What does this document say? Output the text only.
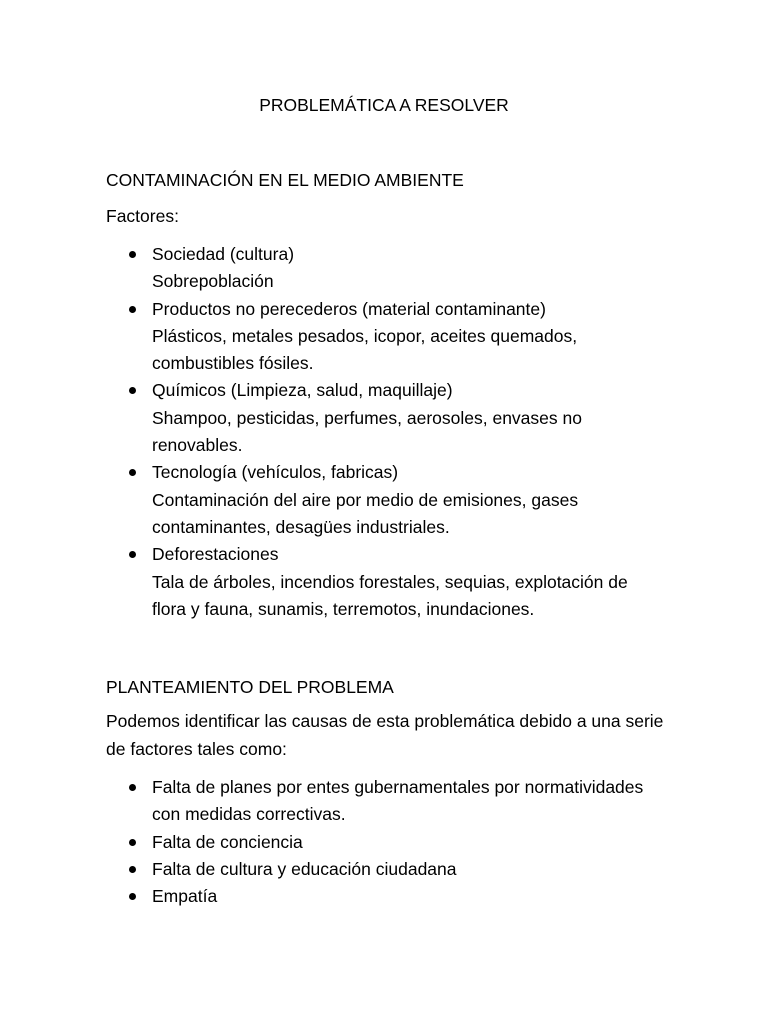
PROBLEMÁTICA A RESOLVER
CONTAMINACIÓN EN EL MEDIO AMBIENTE

Factores:

Sociedad (cultura)
Sobrepoblación
Productos no perecederos (material contaminante)
Plásticos, metales pesados, icopor, aceites quemados, combustibles fósiles.
Químicos (Limpieza, salud, maquillaje)
Shampoo, pesticidas, perfumes, aerosoles, envases no renovables.
Tecnología (vehículos, fabricas)
Contaminación del aire por medio de emisiones, gases contaminantes, desagües industriales.
Deforestaciones
Tala de árboles, incendios forestales, sequias, explotación de flora y fauna, sunamis, terremotos, inundaciones.
PLANTEAMIENTO DEL PROBLEMA

Podemos identificar las causas de esta problemática debido a una serie de factores tales como:

Falta de planes por entes gubernamentales por normatividades con medidas correctivas.
Falta de conciencia
Falta de cultura y educación ciudadana
Empatía
